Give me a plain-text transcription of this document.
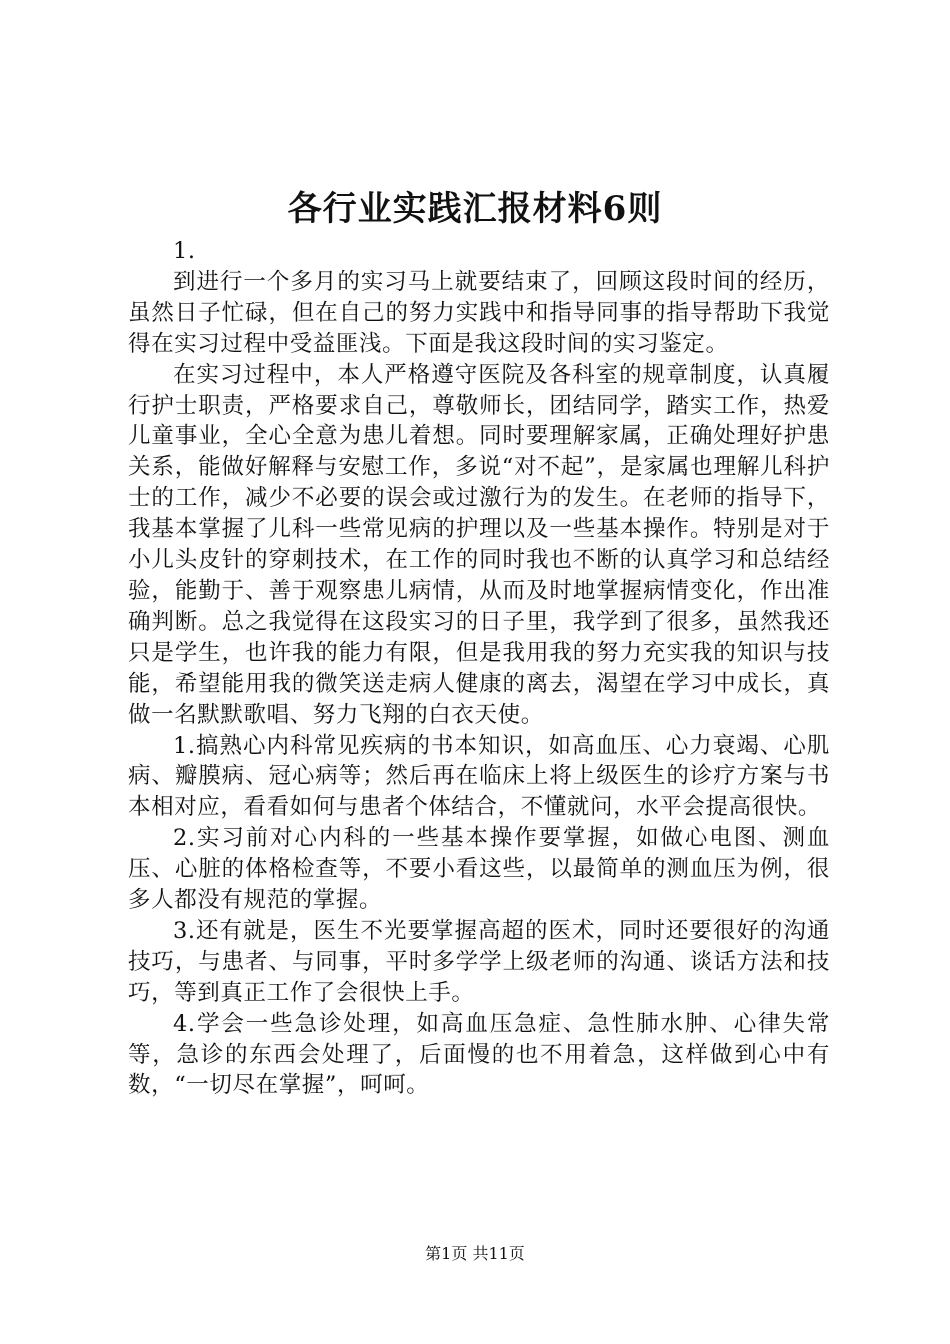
各行业实践汇报材料6则

1.

到进行一个多月的实习马上就要结束了，回顾这段时间的经历，虽然日子忙碌，但在自己的努力实践中和指导同事的指导帮助下我觉得在实习过程中受益匪浅。下面是我这段时间的实习鉴定。

在实习过程中，本人严格遵守医院及各科室的规章制度，认真履行护士职责，严格要求自己，尊敬师长，团结同学，踏实工作，热爱儿童事业，全心全意为患儿着想。同时要理解家属，正确处理好护患关系，能做好解释与安慰工作，多说“对不起”，是家属也理解儿科护士的工作，减少不必要的误会或过激行为的发生。在老师的指导下，我基本掌握了儿科一些常见病的护理以及一些基本操作。特别是对于小儿头皮针的穿刺技术，在工作的同时我也不断的认真学习和总结经验，能勤于、善于观察患儿病情，从而及时地掌握病情变化，作出准确判断。总之我觉得在这段实习的日子里，我学到了很多，虽然我还只是学生，也许我的能力有限，但是我用我的努力充实我的知识与技能，希望能用我的微笑送走病人健康的离去，渴望在学习中成长，真做一名默默歌唱、努力飞翔的白衣天使。

1.搞熟心内科常见疾病的书本知识，如高血压、心力衰竭、心肌病、瓣膜病、冠心病等；然后再在临床上将上级医生的诊疗方案与书本相对应，看看如何与患者个体结合，不懂就问，水平会提高很快。

2.实习前对心内科的一些基本操作要掌握，如做心电图、测血压、心脏的体格检查等，不要小看这些，以最简单的测血压为例，很多人都没有规范的掌握。

3.还有就是，医生不光要掌握高超的医术，同时还要很好的沟通技巧，与患者、与同事，平时多学学上级老师的沟通、谈话方法和技巧，等到真正工作了会很快上手。

4.学会一些急诊处理，如高血压急症、急性肺水肿、心律失常等，急诊的东西会处理了，后面慢的也不用着急，这样做到心中有数，“一切尽在掌握”，呵呵。

第1页 共11页
